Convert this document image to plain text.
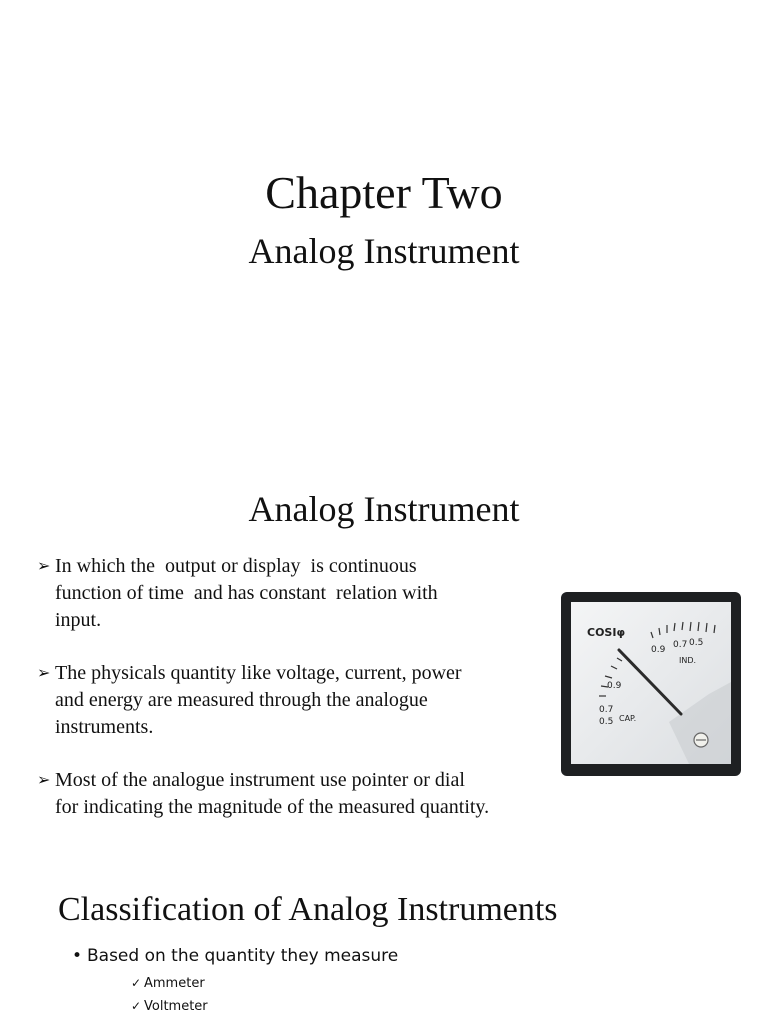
Chapter Two
Analog Instrument
Analog Instrument
➢ In which the  output or display  is continuous
function of time  and has constant  relation with
input.
➢ The physicals quantity like voltage, current, power
and energy are measured through the analogue
instruments.
➢ Most of the analogue instrument use pointer or dial
for indicating the magnitude of the measured quantity.
COSIφ
0.9 0.7 0.5
IND.
0.9
0.7
0.5 CAP.
Classification of Analog Instruments
• Based on the quantity they measure
✓ Ammeter
✓ Voltmeter
